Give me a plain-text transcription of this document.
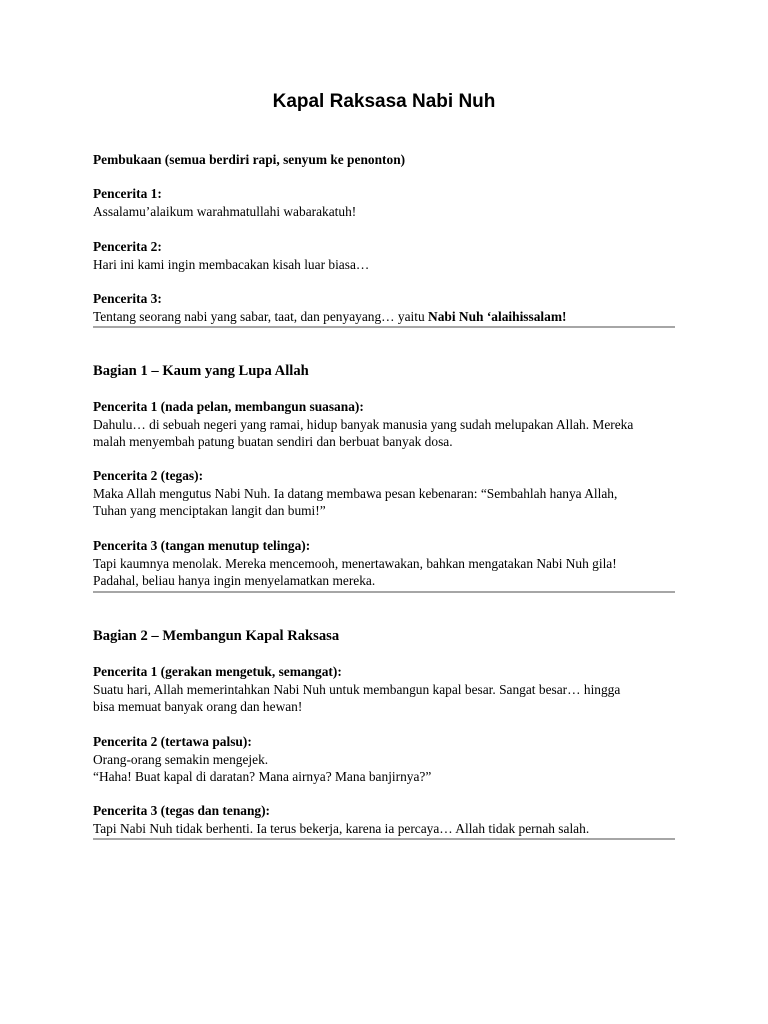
Kapal Raksasa Nabi Nuh

Pembukaan (semua berdiri rapi, senyum ke penonton)

Pencerita 1:

Assalamu’alaikum warahmatullahi wabarakatuh!

Pencerita 2:

Hari ini kami ingin membacakan kisah luar biasa…

Pencerita 3:

Tentang seorang nabi yang sabar, taat, dan penyayang… yaitu Nabi Nuh ‘alaihissalam!

Bagian 1 – Kaum yang Lupa Allah

Pencerita 1 (nada pelan, membangun suasana):

Dahulu… di sebuah negeri yang ramai, hidup banyak manusia yang sudah melupakan Allah. Mereka

malah menyembah patung buatan sendiri dan berbuat banyak dosa.

Pencerita 2 (tegas):

Maka Allah mengutus Nabi Nuh. Ia datang membawa pesan kebenaran: “Sembahlah hanya Allah,

Tuhan yang menciptakan langit dan bumi!”

Pencerita 3 (tangan menutup telinga):

Tapi kaumnya menolak. Mereka mencemooh, menertawakan, bahkan mengatakan Nabi Nuh gila!

Padahal, beliau hanya ingin menyelamatkan mereka.

Bagian 2 – Membangun Kapal Raksasa

Pencerita 1 (gerakan mengetuk, semangat):

Suatu hari, Allah memerintahkan Nabi Nuh untuk membangun kapal besar. Sangat besar… hingga

bisa memuat banyak orang dan hewan!

Pencerita 2 (tertawa palsu):

Orang-orang semakin mengejek.

“Haha! Buat kapal di daratan? Mana airnya? Mana banjirnya?”

Pencerita 3 (tegas dan tenang):

Tapi Nabi Nuh tidak berhenti. Ia terus bekerja, karena ia percaya… Allah tidak pernah salah.
